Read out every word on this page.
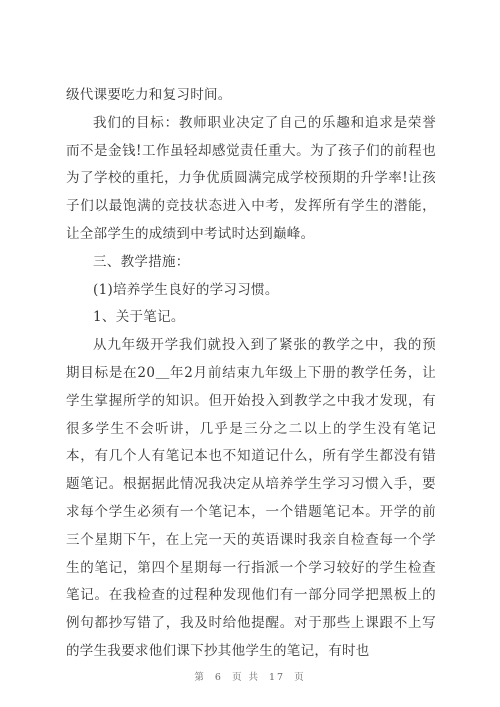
级代课要吃力和复习时间。

我们的目标：教师职业决定了自己的乐趣和追求是荣誉而不是金钱!工作虽轻却感觉责任重大。为了孩子们的前程也为了学校的重托，力争优质圆满完成学校预期的升学率!让孩子们以最饱满的竞技状态进入中考，发挥所有学生的潜能，让全部学生的成绩到中考试时达到巅峰。

三、教学措施：

(1)培养学生良好的学习习惯。

1、关于笔记。

从九年级开学我们就投入到了紧张的教学之中，我的预期目标是在20＿年2月前结束九年级上下册的教学任务，让学生掌握所学的知识。但开始投入到教学之中我才发现，有很多学生不会听讲，几乎是三分之二以上的学生没有笔记本，有几个人有笔记本也不知道记什么，所有学生都没有错题笔记。根据据此情况我决定从培养学生学习习惯入手，要求每个学生必须有一个笔记本，一个错题笔记本。开学的前三个星期下午，在上完一天的英语课时我亲自检查每一个学生的笔记，第四个星期每一行指派一个学习较好的学生检查笔记。在我检查的过程种发现他们有一部分同学把黑板上的例句都抄写错了，我及时给他提醒。对于那些上课跟不上写的学生我要求他们课下抄其他学生的笔记，有时也

第 6 页 共 17 页
